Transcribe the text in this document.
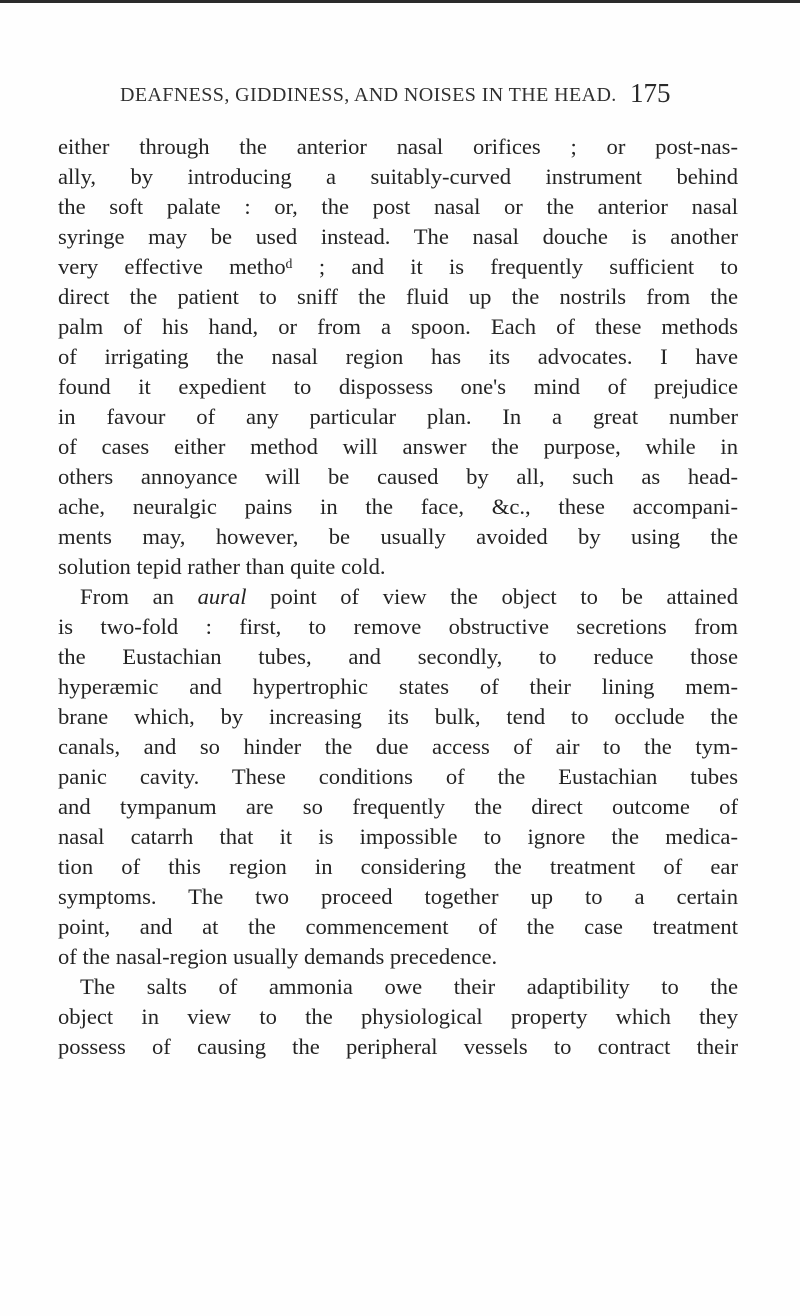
DEAFNESS, GIDDINESS, AND NOISES IN THE HEAD. 175
either through the anterior nasal orifices ; or post-nas-
ally, by introducing a suitably-curved instrument behind
the soft palate : or, the post nasal or the anterior nasal
syringe may be used instead. The nasal douche is another
very effective methoᵈ ; and it is frequently sufficient to
direct the patient to sniff the fluid up the nostrils from the
palm of his hand, or from a spoon. Each of these methods
of irrigating the nasal region has its advocates. I have
found it expedient to dispossess one's mind of prejudice
in favour of any particular plan. In a great number
of cases either method will answer the purpose, while in
others annoyance will be caused by all, such as head-
ache, neuralgic pains in the face, &c., these accompani-
ments may, however, be usually avoided by using the
solution tepid rather than quite cold.
From an aural point of view the object to be attained
is two-fold : first, to remove obstructive secretions from
the Eustachian tubes, and secondly, to reduce those
hyperæmic and hypertrophic states of their lining mem-
brane which, by increasing its bulk, tend to occlude the
canals, and so hinder the due access of air to the tym-
panic cavity. These conditions of the Eustachian tubes
and tympanum are so frequently the direct outcome of
nasal catarrh that it is impossible to ignore the medica-
tion of this region in considering the treatment of ear
symptoms. The two proceed together up to a certain
point, and at the commencement of the case treatment
of the nasal-region usually demands precedence.
The salts of ammonia owe their adaptibility to the
object in view to the physiological property which they
possess of causing the peripheral vessels to contract their
